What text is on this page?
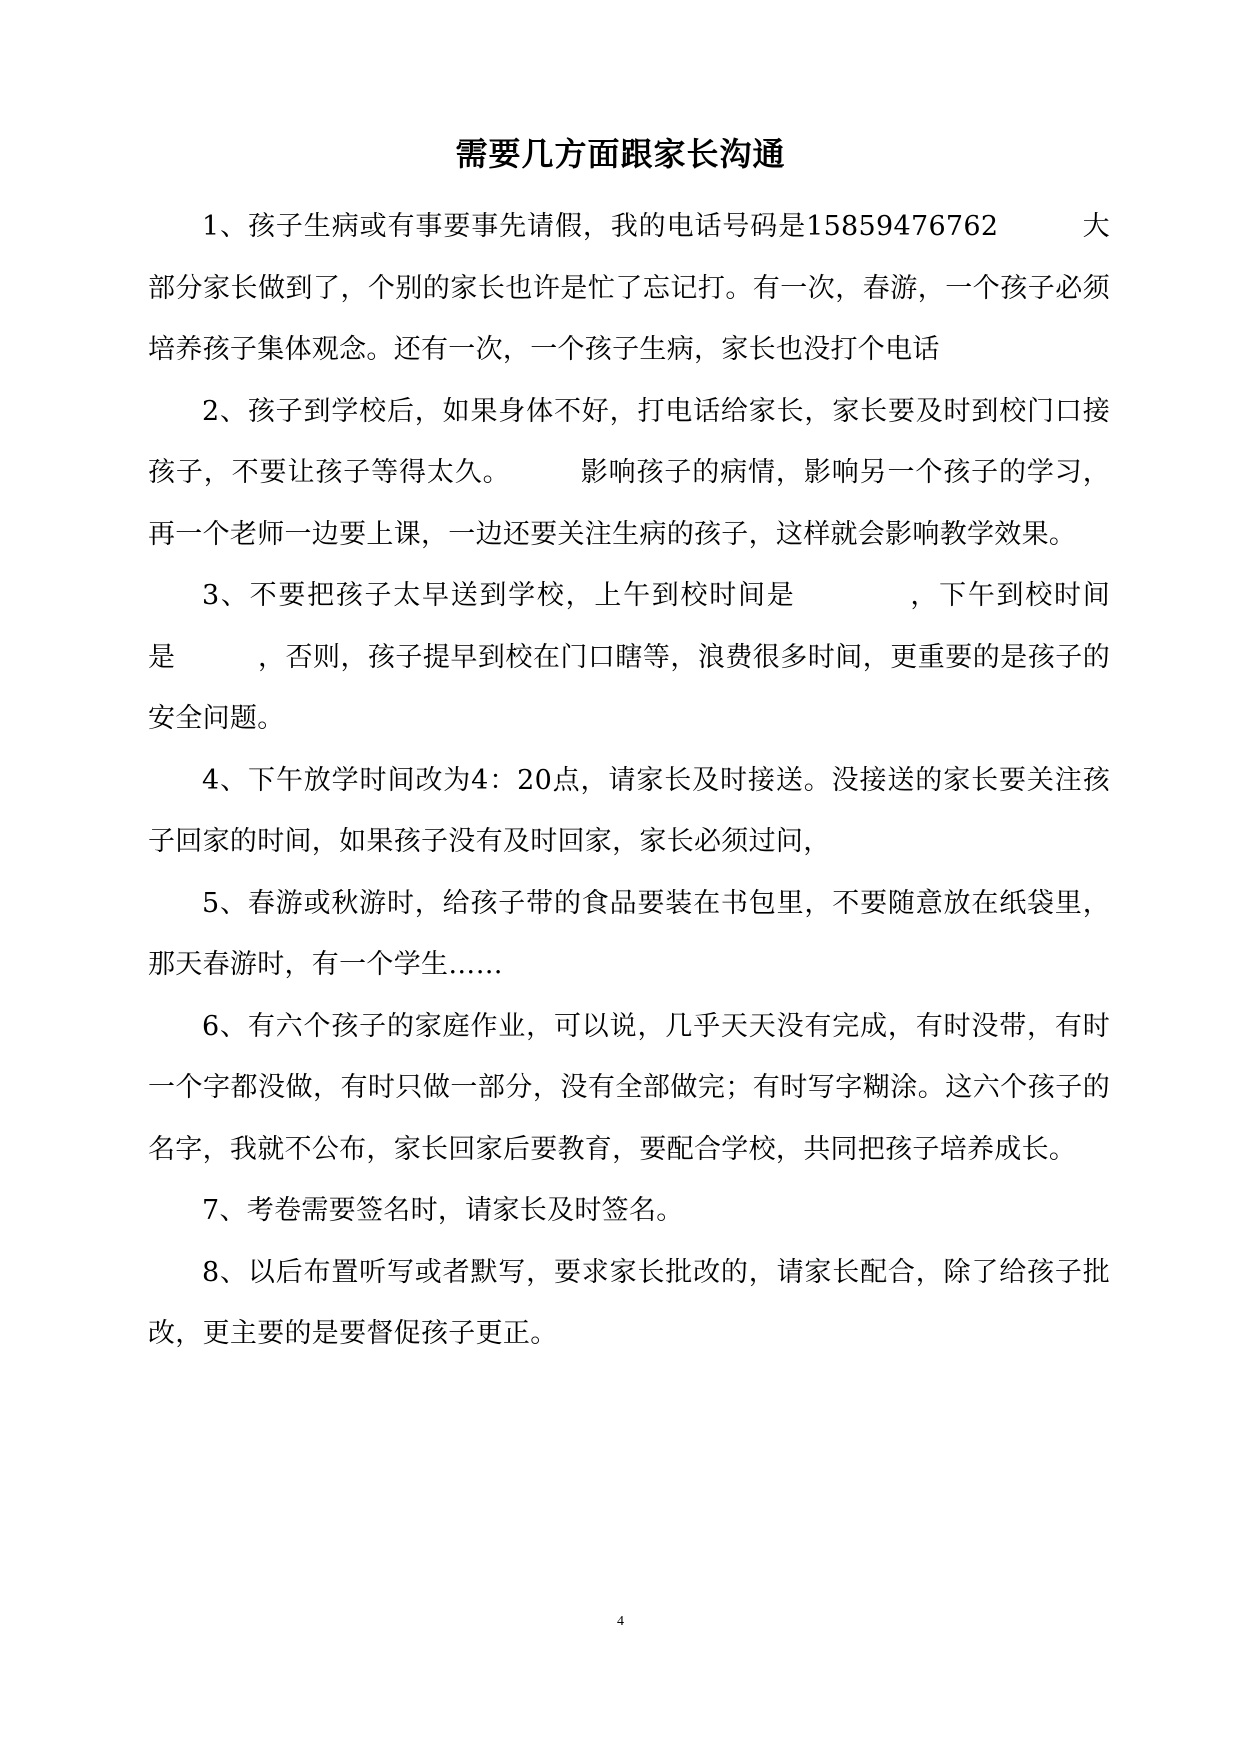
需要几方面跟家长沟通

1、孩子生病或有事要事先请假，我的电话号码是15859476762　　　大部分家长做到了，个别的家长也许是忙了忘记打。有一次，春游，一个孩子必须培养孩子集体观念。还有一次，一个孩子生病，家长也没打个电话

2、孩子到学校后，如果身体不好，打电话给家长，家长要及时到校门口接孩子，不要让孩子等得太久。　　　影响孩子的病情，影响另一个孩子的学习，再一个老师一边要上课，一边还要关注生病的孩子，这样就会影响教学效果。

3、不要把孩子太早送到学校，上午到校时间是　　　　，下午到校时间是　　　，否则，孩子提早到校在门口瞎等，浪费很多时间，更重要的是孩子的安全问题。

4、下午放学时间改为4：20点，请家长及时接送。没接送的家长要关注孩子回家的时间，如果孩子没有及时回家，家长必须过问，

5、春游或秋游时，给孩子带的食品要装在书包里，不要随意放在纸袋里，那天春游时，有一个学生……

6、有六个孩子的家庭作业，可以说，几乎天天没有完成，有时没带，有时一个字都没做，有时只做一部分，没有全部做完；有时写字糊涂。这六个孩子的名字，我就不公布，家长回家后要教育，要配合学校，共同把孩子培养成长。

7、考卷需要签名时，请家长及时签名。

8、以后布置听写或者默写，要求家长批改的，请家长配合，除了给孩子批改，更主要的是要督促孩子更正。

4
